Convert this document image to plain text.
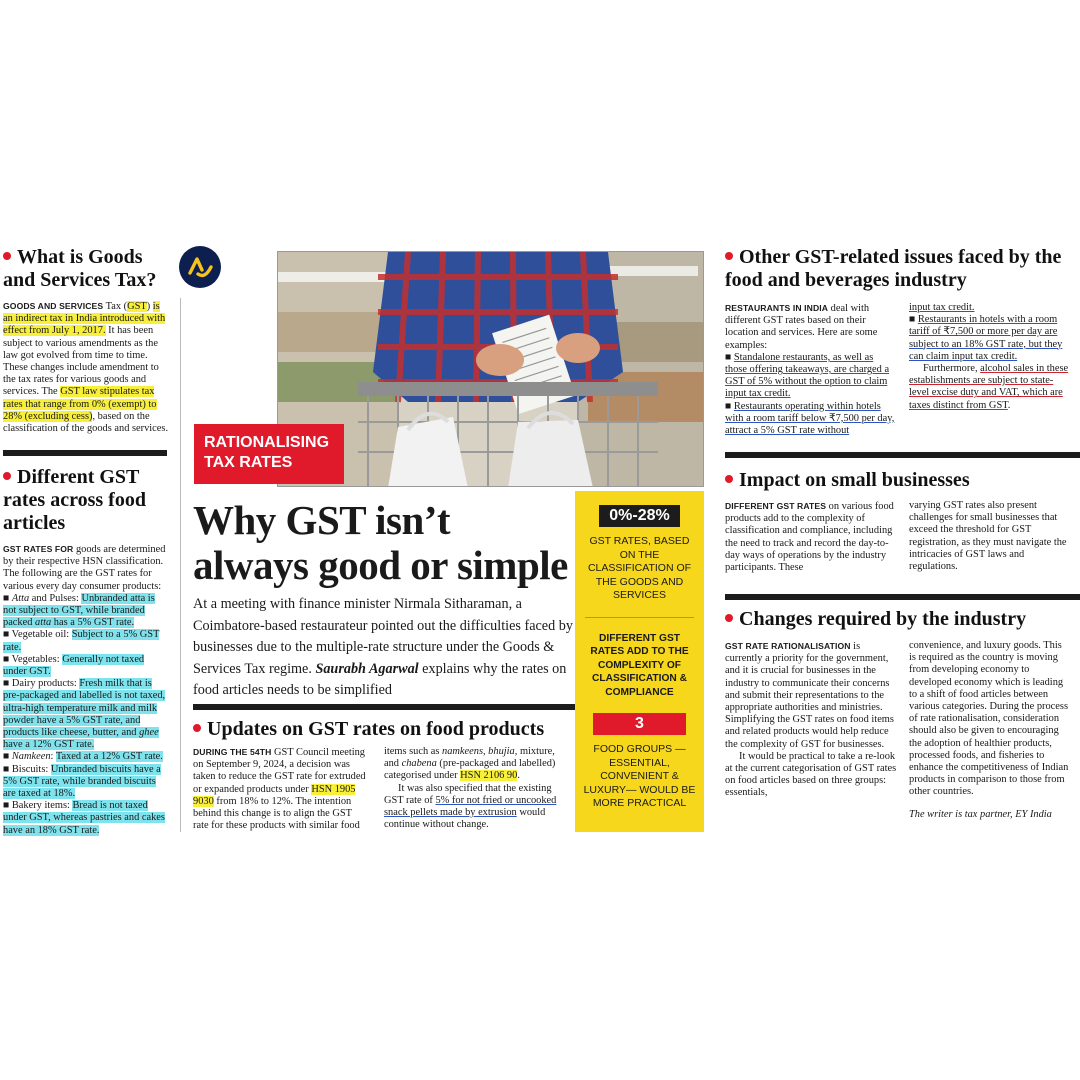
What is Goods and Services Tax?

GOODS AND SERVICES Tax (GST) is an indirect tax in India introduced with effect from July 1, 2017. It has been subject to various amendments as the law got evolved from time to time. These changes include amendment to the tax rates for various goods and services. The GST law stipulates tax rates that range from 0% (exempt) to 28% (excluding cess), based on the classification of the goods and services.

Different GST rates across food articles

GST RATES FOR goods are determined by their respective HSN classification. The following are the GST rates for various every day consumer products:

■ Atta and Pulses: Unbranded atta is not subject to GST, while branded packed atta has a 5% GST rate.

■ Vegetable oil: Subject to a 5% GST rate.

■ Vegetables: Generally not taxed under GST.

■ Dairy products: Fresh milk that is pre-packaged and labelled is not taxed, ultra-high temperature milk and milk powder have a 5% GST rate, and products like cheese, butter, and ghee have a 12% GST rate.

■ Namkeen: Taxed at a 12% GST rate.

■ Biscuits: Unbranded biscuits have a 5% GST rate, while branded biscuits are taxed at 18%.

■ Bakery items: Bread is not taxed under GST, whereas pastries and cakes have an 18% GST rate.

RATIONALISING TAX RATES
Why GST isn’t always good or simple
At a meeting with finance minister Nirmala Sitharaman, a Coimbatore-based restaurateur pointed out the difficulties faced by businesses due to the multiple-rate structure under the Goods & Services Tax regime. Saurabh Agarwal explains why the rates on food articles needs to be simplified
Updates on GST rates on food products

DURING THE 54TH GST Council meeting on September 9, 2024, a decision was taken to reduce the GST rate for extruded or expanded products under HSN 1905 9030 from 18% to 12%. The intention behind this change is to align the GST rate for these products with similar food

items such as namkeens, bhujia, mixture, and chabena (pre-packaged and labelled) categorised under HSN 2106 90.

It was also specified that the existing GST rate of 5% for not fried or uncooked snack pellets made by extrusion would continue without change.

0%-28%
GST RATES, BASED ON THE CLASSIFICATION OF THE GOODS AND SERVICES
DIFFERENT GST RATES ADD TO THE COMPLEXITY OF CLASSIFICATION & COMPLIANCE
3
FOOD GROUPS — ESSENTIAL, CONVENIENT & LUXURY— WOULD BE MORE PRACTICAL
Other GST-related issues faced by the food and beverages industry

RESTAURANTS IN INDIA deal with different GST rates based on their location and services. Here are some examples:

■ Standalone restaurants, as well as those offering takeaways, are charged a GST of 5% without the option to claim input tax credit.

■ Restaurants operating within hotels with a room tariff below ₹7,500 per day, attract a 5% GST rate without

input tax credit.

■ Restaurants in hotels with a room tariff of ₹7,500 or more per day are subject to an 18% GST rate, but they can claim input tax credit.

Furthermore, alcohol sales in these establishments are subject to state-level excise duty and VAT, which are taxes distinct from GST.

Impact on small businesses

DIFFERENT GST RATES on various food products add to the complexity of classification and compliance, including the need to track and record the day-to-day ways of operations by the industry participants. These

varying GST rates also present challenges for small businesses that exceed the threshold for GST registration, as they must navigate the intricacies of GST laws and regulations.

Changes required by the industry

GST RATE RATIONALISATION is currently a priority for the government, and it is crucial for businesses in the industry to communicate their concerns and submit their representations to the appropriate authorities and ministries. Simplifying the GST rates on food items and related products would help reduce the complexity of GST for businesses.

It would be practical to take a re-look at the current categorisation of GST rates on food articles based on three groups: essentials,

convenience, and luxury goods. This is required as the country is moving from developing economy to developed economy which is leading to a shift of food articles between various categories. During the process of rate rationalisation, consideration should also be given to encouraging the adoption of healthier products, processed foods, and fisheries to enhance the competitiveness of Indian products in comparison to those from other countries.

The writer is tax partner, EY India
